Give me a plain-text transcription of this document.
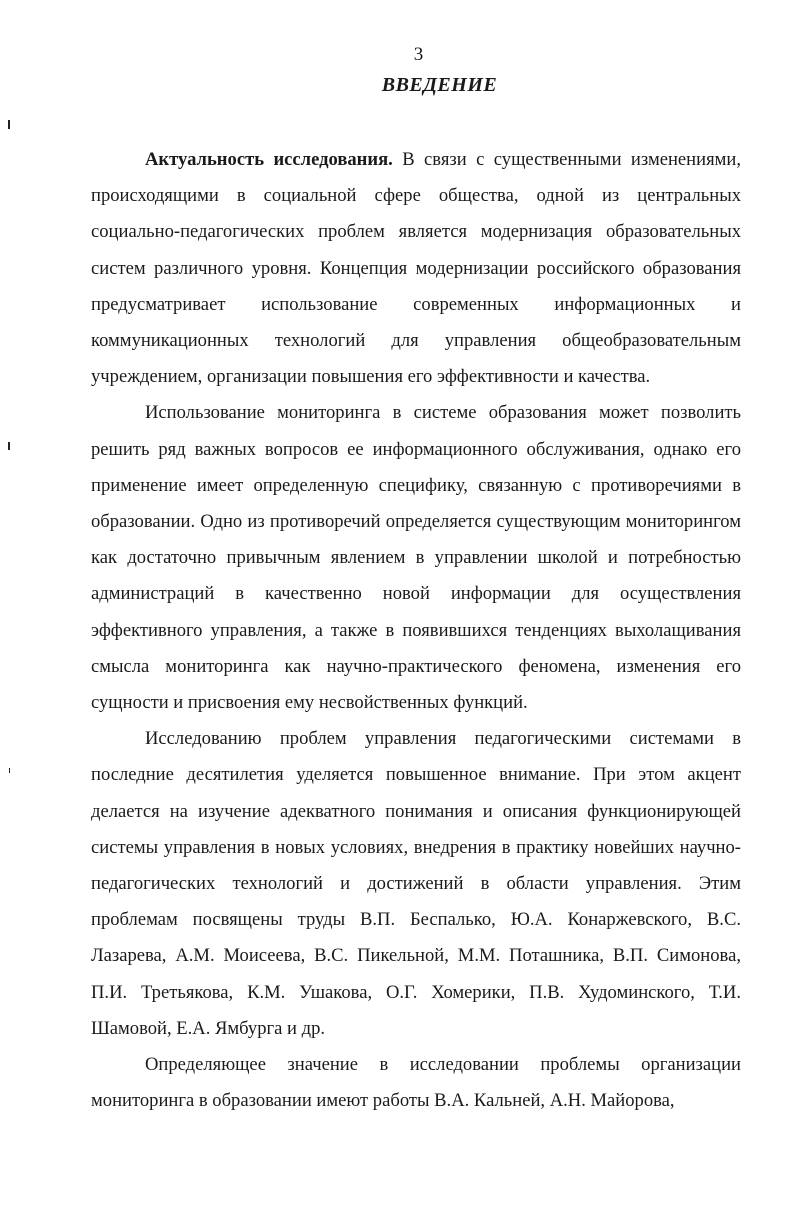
3
ВВЕДЕНИЕ

Актуальность исследования. В связи с существенными изменениями, происходящими в социальной сфере общества, одной из центральных социально-педагогических проблем является модернизация образовательных систем различного уровня. Концепция модернизации российского образования предусматривает использование современных информационных и коммуникационных технологий для управления общеобразовательным учреждением, организации повышения его эффективности и качества.

Использование мониторинга в системе образования может позволить решить ряд важных вопросов ее информационного обслуживания, однако его применение имеет определенную специфику, связанную с противоречиями в образовании. Одно из противоречий определяется существующим мониторингом как достаточно привычным явлением в управлении школой и потребностью администраций в качественно новой информации для осуществления эффективного управления, а также в появившихся тенденциях выхолащивания смысла мониторинга как научно-практического феномена, изменения его сущности и присвоения ему несвойственных функций.

Исследованию проблем управления педагогическими системами в последние десятилетия уделяется повышенное внимание. При этом акцент делается на изучение адекватного понимания и описания функционирующей системы управления в новых условиях, внедрения в практику новейших научно-педагогических технологий и достижений в области управления. Этим проблемам посвящены труды В.П. Беспалько, Ю.А. Конаржевского, В.С. Лазарева, А.М. Моисеева, В.С. Пикельной, М.М. Поташника, В.П. Симонова, П.И. Третьякова, К.М. Ушакова, О.Г. Хомерики, П.В. Худоминского, Т.И. Шамовой, Е.А. Ямбурга и др.

Определяющее значение в исследовании проблемы организации мониторинга в образовании имеют работы В.А. Кальней, А.Н. Майорова,
